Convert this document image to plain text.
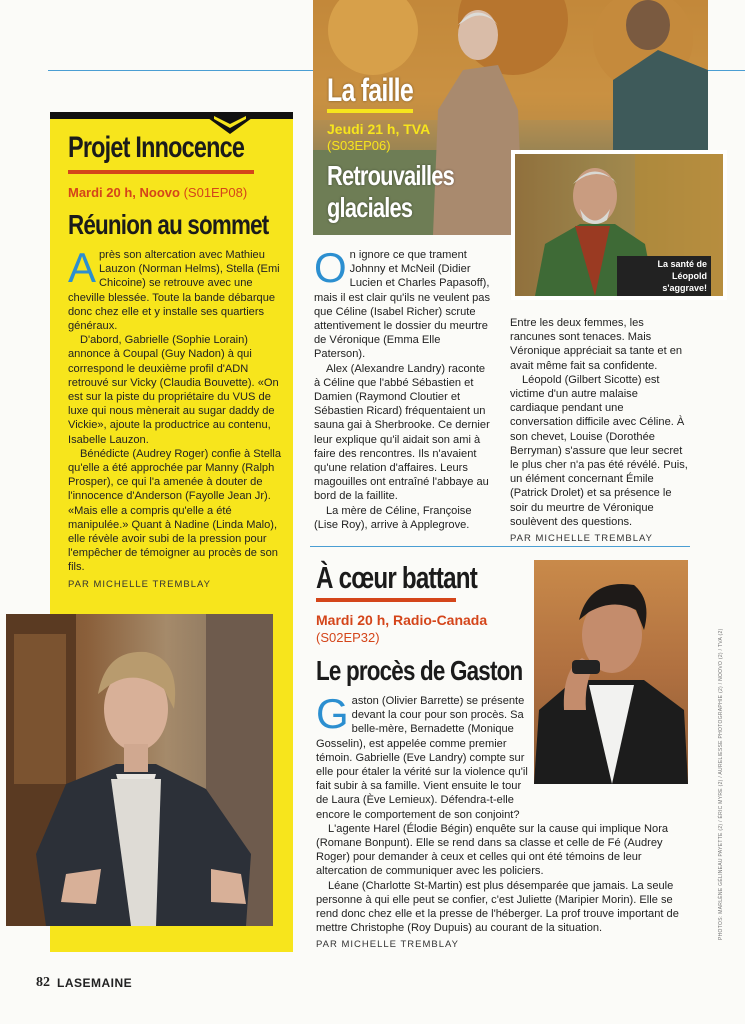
Projet Innocence
Mardi 20 h, Noovo (S01EP08)
Réunion au sommet
A près son altercation avec Mathieu Lauzon (Norman Helms), Stella (Emi Chicoine) se retrouve avec une cheville blessée. Toute la bande débarque donc chez elle et y installe ses quartiers généraux.

D'abord, Gabrielle (Sophie Lorain) annonce à Coupal (Guy Nadon) à qui correspond le deuxième profil d'ADN retrouvé sur Vicky (Claudia Bouvette). «On est sur la piste du propriétaire du VUS de luxe qui nous mènerait au sugar daddy de Vickie», ajoute la productrice au contenu, Isabelle Lauzon.

Bénédicte (Audrey Roger) confie à Stella qu'elle a été approchée par Manny (Ralph Prosper), ce qui l'a amenée à douter de l'innocence d'Anderson (Fayolle Jean Jr). «Mais elle a compris qu'elle a été manipulée.» Quant à Nadine (Linda Malo), elle révèle avoir subi de la pression pour l'empêcher de témoigner au procès de son fils.

PAR MICHELLE TREMBLAY
La faille
Jeudi 21 h, TVA
(S03EP06)
Retrouvailles
glaciales
La santé de Léopold
s'aggrave!
O n ignore ce que trament Johnny et McNeil (Didier Lucien et Charles Papasoff), mais il est clair qu'ils ne veulent pas que Céline (Isabel Richer) scrute attentivement le dossier du meurtre de Véronique (Emma Elle Paterson).

Alex (Alexandre Landry) raconte à Céline que l'abbé Sébastien et Damien (Raymond Cloutier et Sébastien Ricard) fréquentaient un sauna gai à Sherbrooke. Ce dernier leur explique qu'il aidait son ami à faire des rencontres. Ils n'avaient qu'une relation d'affaires. Leurs magouilles ont entraîné l'abbaye au bord de la faillite.

La mère de Céline, Françoise (Lise Roy), arrive à Applegrove.

Entre les deux femmes, les rancunes sont tenaces. Mais Véronique appréciait sa tante et en avait même fait sa confidente.

Léopold (Gilbert Sicotte) est victime d'un autre malaise cardiaque pendant une conversation difficile avec Céline. À son chevet, Louise (Dorothée Berryman) s'assure que leur secret le plus cher n'a pas été révélé. Puis, un élément concernant Émile (Patrick Drolet) et sa présence le soir du meurtre de Véronique soulèvent des questions.

PAR MICHELLE TREMBLAY
À cœur battant
Mardi 20 h, Radio-Canada
(S02EP32)
Le procès de Gaston
G aston (Olivier Barrette) se présente devant la cour pour son procès. Sa belle-mère, Bernadette (Monique Gosselin), est appelée comme premier témoin. Gabrielle (Eve Landry) compte sur elle pour étaler la vérité sur la violence qu'il fait subir à sa famille. Vient ensuite le tour de Laura (Ève Lemieux). Défendra-t-elle encore le comportement de son conjoint?

L'agente Harel (Élodie Bégin) enquête sur la cause qui implique Nora (Romane Bonpunt). Elle se rend dans sa classe et celle de Fé (Audrey Roger) pour demander à ceux et celles qui ont été témoins de leur altercation de communiquer avec les policiers.

Léane (Charlotte St-Martin) est plus désemparée que jamais. La seule personne à qui elle peut se confier, c'est Juliette (Maripier Morin). Elle se rend donc chez elle et la presse de l'héberger. La prof trouve important de mettre Christophe (Roy Dupuis) au courant de la situation.

PAR MICHELLE TREMBLAY
PHOTOS: MARLÈNE GÉLINEAU PAYETTE (2) / ÉRIC MYRE (2) / AURELIESSE PHOTOGRAPHIE (2) / NOOVO (2) / TVA (2)
82 LASEMAINE
